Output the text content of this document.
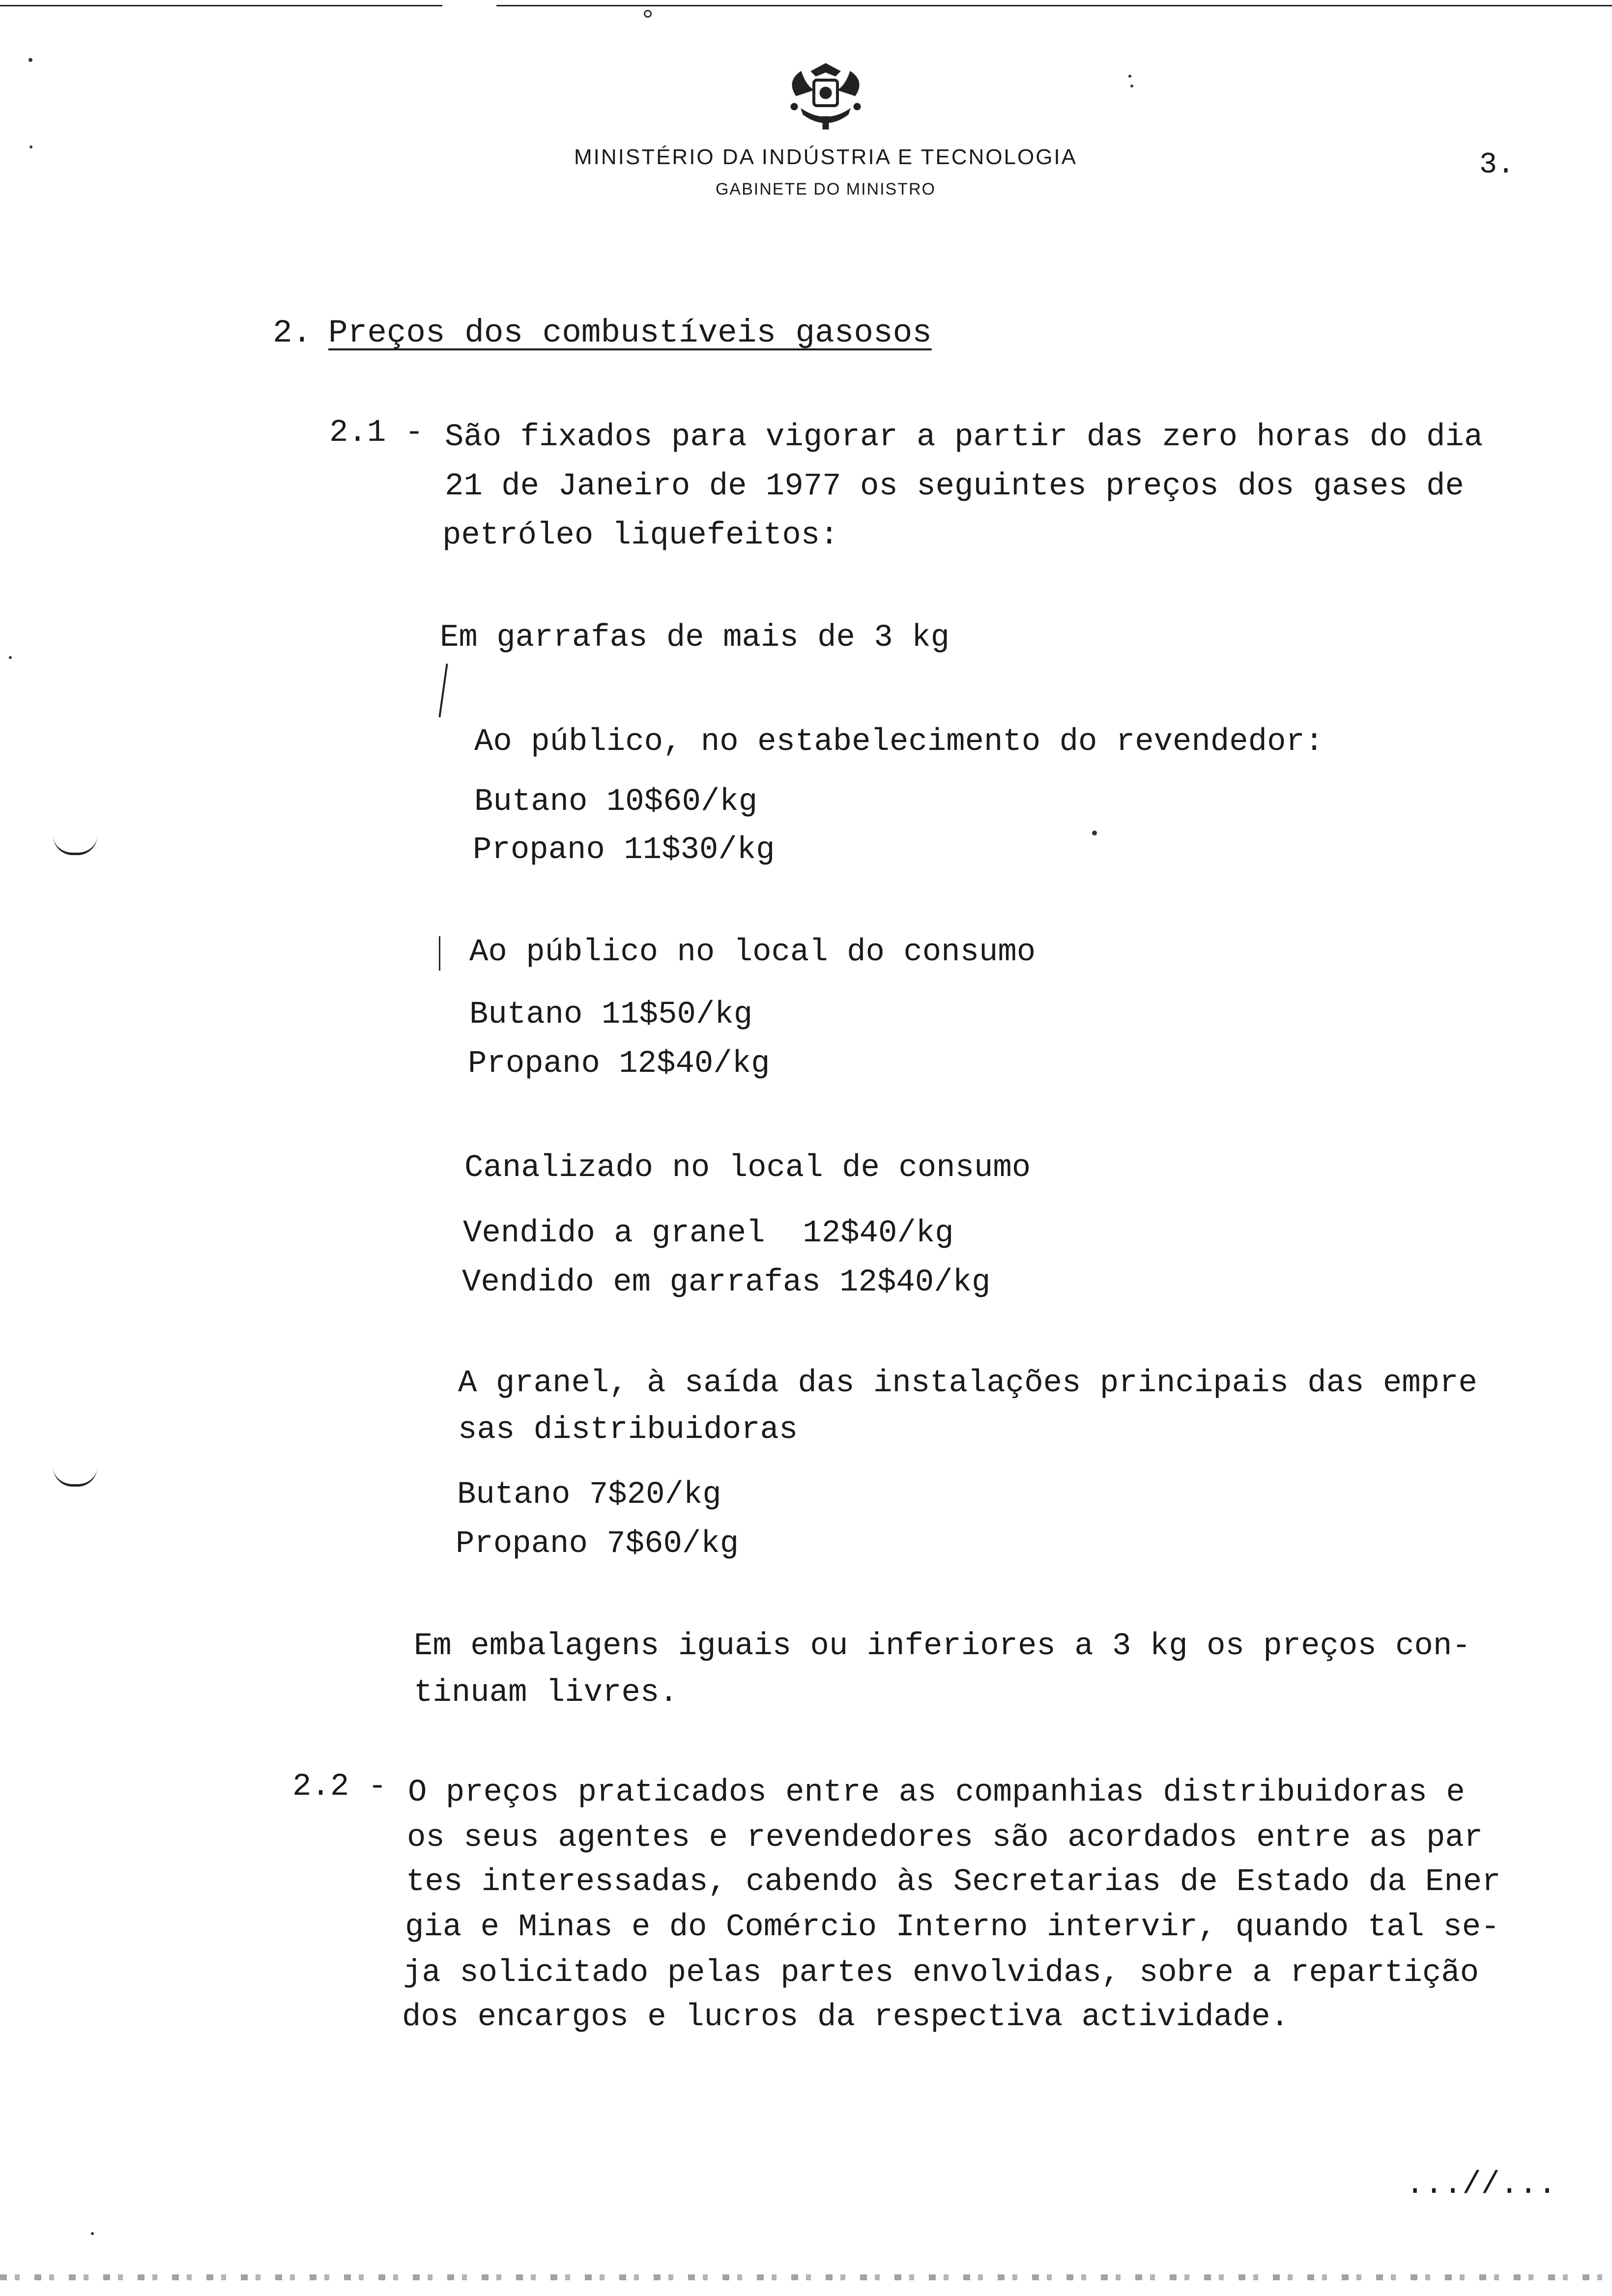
MINISTÉRIO DA INDÚSTRIA E TECNOLOGIA
GABINETE DO MINISTRO
3.
2. Preços dos combustíveis gasosos
2.1 - São fixados para vigorar a partir das zero horas do dia
21 de Janeiro de 1977 os seguintes preços dos gases de
petróleo liquefeitos:
Em garrafas de mais de 3 kg
Ao público, no estabelecimento do revendedor:
Butano 10$60/kg
Propano 11$30/kg
Ao público no local do consumo
Butano 11$50/kg
Propano 12$40/kg
Canalizado no local de consumo
Vendido a granel  12$40/kg
Vendido em garrafas 12$40/kg
A granel, à saída das instalações principais das empre
sas distribuidoras
Butano 7$20/kg
Propano 7$60/kg
Em embalagens iguais ou inferiores a 3 kg os preços con-
tinuam livres.
2.2 - O preços praticados entre as companhias distribuidoras e
os seus agentes e revendedores são acordados entre as par
tes interessadas, cabendo às Secretarias de Estado da Ener
gia e Minas e do Comércio Interno intervir, quando tal se-
ja solicitado pelas partes envolvidas, sobre a repartição
dos encargos e lucros da respectiva actividade.
...//...
